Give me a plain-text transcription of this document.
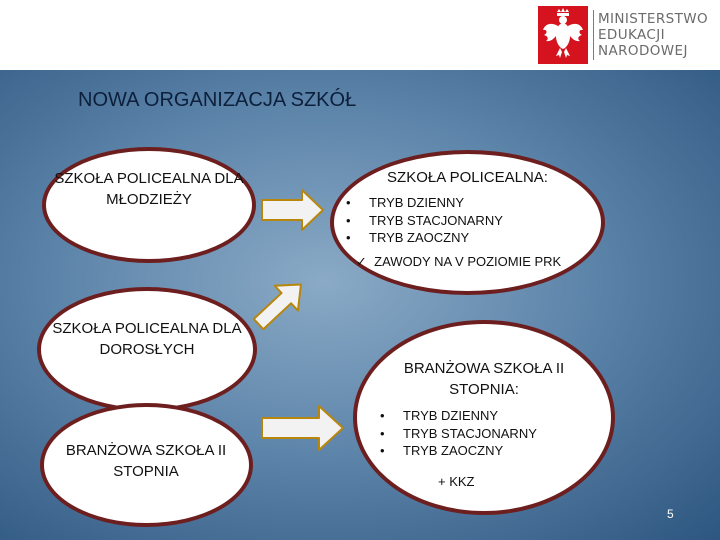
MINISTERSTWO
EDUKACJI
NARODOWEJ
NOWA ORGANIZACJA SZKÓŁ
SZKOŁA POLICEALNA DLA MŁODZIEŻY
SZKOŁA POLICEALNA DLA DOROSŁYCH
BRANŻOWA SZKOŁA II STOPNIA
SZKOŁA POLICEALNA:
• TRYB DZIENNY
• TRYB STACJONARNY
• TRYB ZAOCZNY
✓ ZAWODY NA V POZIOMIE PRK
BRANŻOWA SZKOŁA II STOPNIA:
• TRYB DZIENNY
• TRYB STACJONARNY
• TRYB ZAOCZNY
+ KKZ
5
